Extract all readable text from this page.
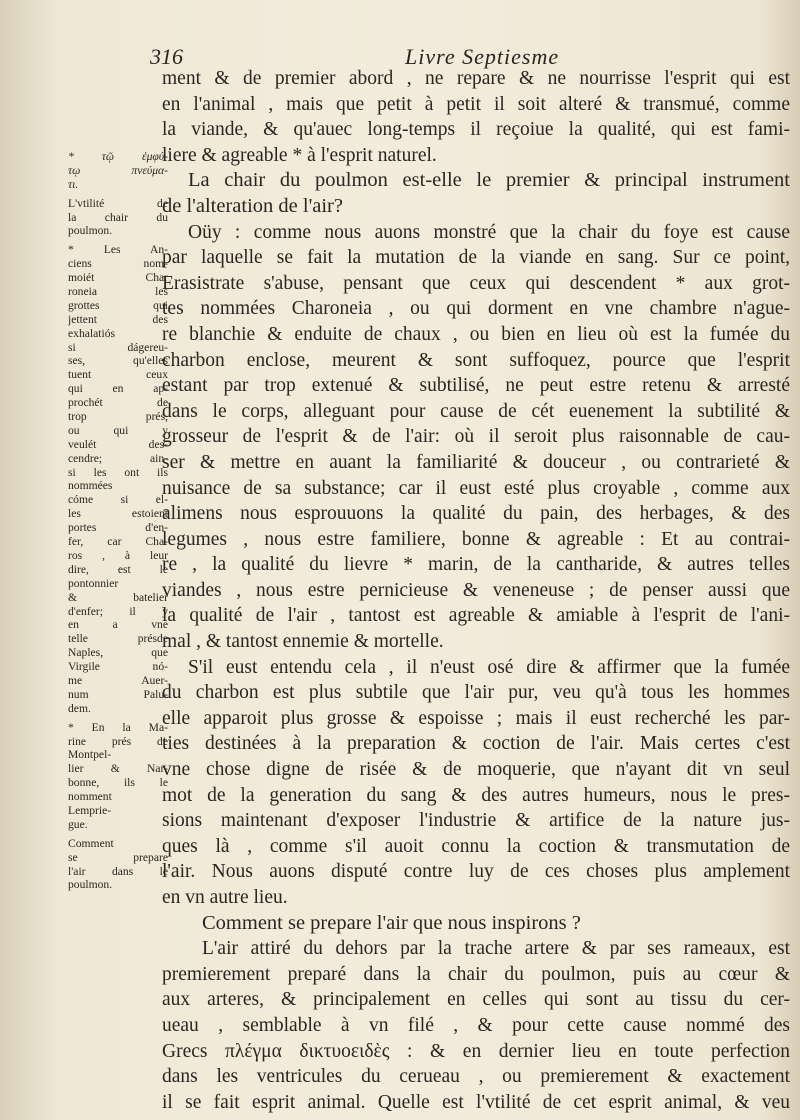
316	Livre Septiesme
* τῷ ἐμφύ-
τῳ πνεύμα-
τι.
L'vtilité de
la chair du
poulmon.
* Les An-
ciens nom-
moiét Char
roneia les
grottes qui
jettent des
exhalatiós
si dágereu-
ses, qu'elles
tuent ceux
qui en ap-
prochét de
trop prés,
ou qui y
veulét des-
cendre; ain-
si les ont ils
nommées
cóme si el-
les estoient
portes d'en-
fer, car Cha-
ros , à leur
dire, est le
pontonnier
& batelier
d'enfer; il y
en a vne
telle présde
Naples, que
Virgile nó-
me Auer-
num Palu-
dem.
* En la Ma-
rine prés de
Montpel-
lier & Nar-
bonne, ils le
nomment
Lemprie-
gue.
Comment
se prepare
l'air dans le
poulmon.
ment & de premier abord , ne repare & ne nourrisse l'esprit qui est
en l'animal , mais que petit à petit il soit alteré & transmué, comme
la viande, & qu'auec long-temps il reçoiue la qualité, qui est fami-
liere & agreable * à l'esprit naturel.
La chair du poulmon est-elle le premier & principal instrument
de l'alteration de l'air?
Oüy : comme nous auons monstré que la chair du foye est cause
par laquelle se fait la mutation de la viande en sang. Sur ce point,
Erasistrate s'abuse, pensant que ceux qui descendent * aux grot-
tes nommées Charoneia , ou qui dorment en vne chambre n'ague-
re blanchie & enduite de chaux , ou bien en lieu où est la fumée du
charbon enclose, meurent & sont suffoquez, pource que l'esprit
estant par trop extenué & subtilisé, ne peut estre retenu & arresté
dans le corps, alleguant pour cause de cét euenement la subtilité &
grosseur de l'esprit & de l'air: où il seroit plus raisonnable de cau-
ser & mettre en auant la familiarité & douceur , ou contrarieté &
nuisance de sa substance; car il eust esté plus croyable , comme aux
alimens nous esprouuons la qualité du pain, des herbages, & des
legumes , nous estre familiere, bonne & agreable : Et au contrai-
re , la qualité du lievre * marin, de la cantharide, & autres telles
viandes , nous estre pernicieuse & veneneuse ; de penser aussi que
la qualité de l'air , tantost est agreable & amiable à l'esprit de l'ani-
mal , & tantost ennemie & mortelle.
S'il eust entendu cela , il n'eust osé dire & affirmer que la fumée
du charbon est plus subtile que l'air pur, veu qu'à tous les hommes
elle apparoit plus grosse & espoisse ; mais il eust recherché les par-
ties destinées à la preparation & coction de l'air. Mais certes c'est
vne chose digne de risée & de moquerie, que n'ayant dit vn seul
mot de la generation du sang & des autres humeurs, nous le pres-
sions maintenant d'exposer l'industrie & artifice de la nature jus-
ques là , comme s'il auoit connu la coction & transmutation de
l'air. Nous auons disputé contre luy de ces choses plus amplement
en vn autre lieu.
Comment se prepare l'air que nous inspirons ?
L'air attiré du dehors par la trache artere & par ses rameaux, est
premierement preparé dans la chair du poulmon, puis au cœur &
aux arteres, & principalement en celles qui sont au tissu du cer-
ueau , semblable à vn filé , & pour cette cause nommé des
Grecs πλέγμα δικτυοειδὲς : & en dernier lieu en toute perfection
dans les ventricules du cerueau , ou premierement & exactement
il se fait esprit animal. Quelle est l'vtilité de cet esprit animal, & veu
